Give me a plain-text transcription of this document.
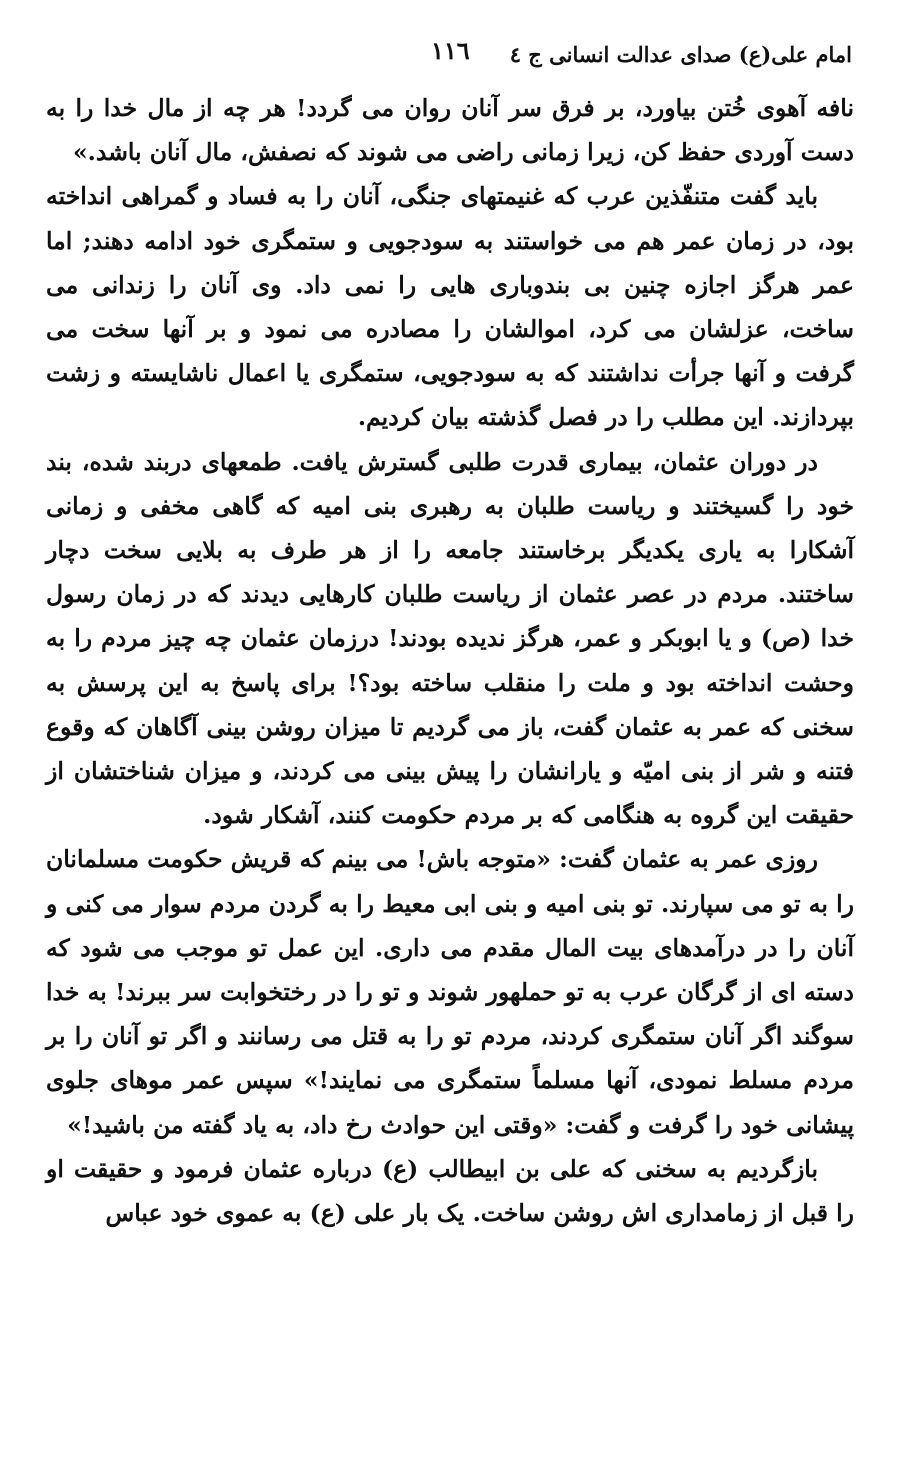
امام علی(ع) صدای عدالت انسانی ج ٤
١١٦

نافه آهوی خُتن بیاورد، بر فرق سر آنان روان می گردد! هر چه از مال خدا را به دست آوردی حفظ کن، زیرا زمانی راضی می شوند که نصفش، مال آنان باشد.»

باید گفت متنفّذین عرب که غنیمتهای جنگی، آنان را به فساد و گمراهی انداخته بود، در زمان عمر هم می خواستند به سودجویی و ستمگری خود ادامه دهند; اما عمر هرگز اجازه چنین بی بندوباری هایی را نمی داد. وی آنان را زندانی می ساخت، عزلشان می کرد، اموالشان را مصادره می نمود و بر آنها سخت می گرفت و آنها جرأت نداشتند که به سودجویی، ستمگری یا اعمال ناشایسته و زشت بپردازند. این مطلب را در فصل گذشته بیان کردیم.

در دوران عثمان، بیماری قدرت طلبی گسترش یافت. طمعهای دربند شده، بند خود را گسیختند و ریاست طلبان به رهبری بنی امیه که گاهی مخفی و زمانی آشکارا به یاری یکدیگر برخاستند جامعه را از هر طرف به بلایی سخت دچار ساختند. مردم در عصر عثمان از ریاست طلبان کارهایی دیدند که در زمان رسول خدا (ص) و یا ابوبکر و عمر، هرگز ندیده بودند! درزمان عثمان چه چیز مردم را به وحشت انداخته بود و ملت را منقلب ساخته بود؟! برای پاسخ به این پرسش به سخنی که عمر به عثمان گفت، باز می گردیم تا میزان روشن بینی آگاهان که وقوع فتنه و شر از بنی امیّه و یارانشان را پیش بینی می کردند، و میزان شناختشان از حقیقت این گروه به هنگامی که بر مردم حکومت کنند، آشکار شود.

روزی عمر به عثمان گفت: «متوجه باش! می بینم که قریش حکومت مسلمانان را به تو می سپارند. تو بنی امیه و بنی ابی معیط را به گردن مردم سوار می کنی و آنان را در درآمدهای بیت المال مقدم می داری. این عمل تو موجب می شود که دسته ای از گرگان عرب به تو حملهور شوند و تو را در رختخوابت سر ببرند! به خدا سوگند اگر آنان ستمگری کردند، مردم تو را به قتل می رسانند و اگر تو آنان را بر مردم مسلط نمودی، آنها مسلماً ستمگری می نمایند!» سپس عمر موهای جلوی پیشانی خود را گرفت و گفت: «وقتی این حوادث رخ داد، به یاد گفته من باشید!»

بازگردیم به سخنی که علی بن ابیطالب (ع) درباره عثمان فرمود و حقیقت او را قبل از زمامداری اش روشن ساخت. یک بار علی (ع) به عموی خود عباس
